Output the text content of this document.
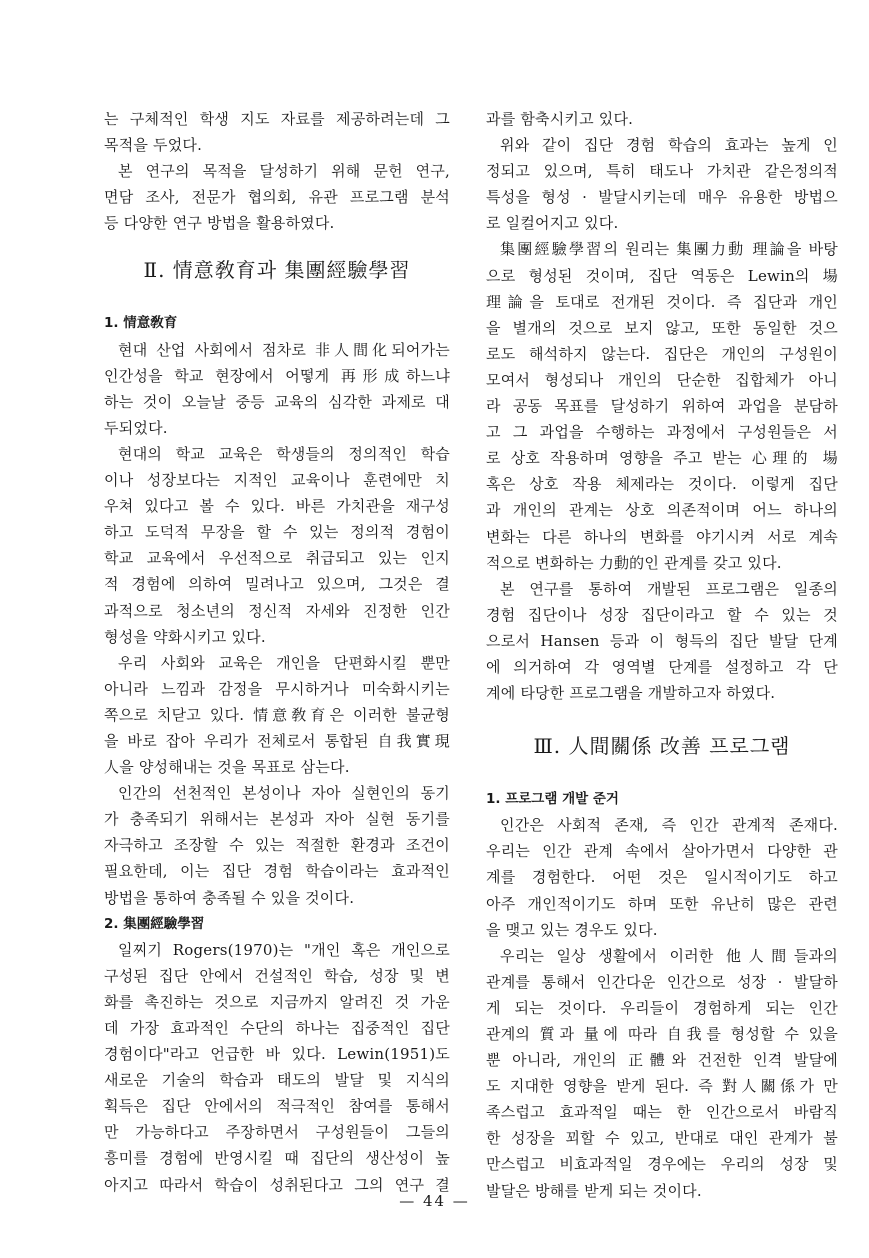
는 구체적인 학생 지도 자료를 제공하려는데 그
목적을 두었다.
본 연구의 목적을 달성하기 위해 문헌 연구,
면담 조사, 전문가 협의회, 유관 프로그램 분석
등 다양한 연구 방법을 활용하였다.
Ⅱ. 情意敎育과 集團經驗學習
1. 情意敎育
현대 산업 사회에서 점차로 非人間化되어가는
인간성을 학교 현장에서 어떻게 再形成하느냐
하는 것이 오늘날 중등 교육의 심각한 과제로 대
두되었다.
현대의 학교 교육은 학생들의 정의적인 학습
이나 성장보다는 지적인 교육이나 훈련에만 치
우쳐 있다고 볼 수 있다. 바른 가치관을 재구성
하고 도덕적 무장을 할 수 있는 정의적 경험이
학교 교육에서 우선적으로 취급되고 있는 인지
적 경험에 의하여 밀려나고 있으며, 그것은 결
과적으로 청소년의 정신적 자세와 진정한 인간
형성을 약화시키고 있다.
우리 사회와 교육은 개인을 단편화시킬 뿐만
아니라 느낌과 감정을 무시하거나 미숙화시키는
쪽으로 치닫고 있다. 情意敎育은 이러한 불균형
을 바로 잡아 우리가 전체로서 통합된 自我實現
人을 양성해내는 것을 목표로 삼는다.
인간의 선천적인 본성이나 자아 실현인의 동기
가 충족되기 위해서는 본성과 자아 실현 동기를
자극하고 조장할 수 있는 적절한 환경과 조건이
필요한데, 이는 집단 경험 학습이라는 효과적인
방법을 통하여 충족될 수 있을 것이다.
2. 集團經驗學習
일찌기 Rogers(1970)는 "개인 혹은 개인으로
구성된 집단 안에서 건설적인 학습, 성장 및 변
화를 촉진하는 것으로 지금까지 알려진 것 가운
데 가장 효과적인 수단의 하나는 집중적인 집단
경험이다"라고 언급한 바 있다. Lewin(1951)도
새로운 기술의 학습과 태도의 발달 및 지식의
획득은 집단 안에서의 적극적인 참여를 통해서
만 가능하다고 주장하면서 구성원들이 그들의
흥미를 경험에 반영시킬 때 집단의 생산성이 높
아지고 따라서 학습이 성취된다고 그의 연구 결
과를 함축시키고 있다.
위와 같이 집단 경험 학습의 효과는 높게 인
정되고 있으며, 특히 태도나 가치관 같은정의적
특성을 형성 · 발달시키는데 매우 유용한 방법으
로 일컬어지고 있다.
集團經驗學習의 원리는 集團力動 理論을 바탕
으로 형성된 것이며, 집단 역동은 Lewin의 場
理論을 토대로 전개된 것이다. 즉 집단과 개인
을 별개의 것으로 보지 않고, 또한 동일한 것으
로도 해석하지 않는다. 집단은 개인의 구성원이
모여서 형성되나 개인의 단순한 집합체가 아니
라 공동 목표를 달성하기 위하여 과업을 분담하
고 그 과업을 수행하는 과정에서 구성원들은 서
로 상호 작용하며 영향을 주고 받는 心理的 場
혹은 상호 작용 체제라는 것이다. 이렇게 집단
과 개인의 관계는 상호 의존적이며 어느 하나의
변화는 다른 하나의 변화를 야기시켜 서로 계속
적으로 변화하는 力動的인 관계를 갖고 있다.
본 연구를 통하여 개발된 프로그램은 일종의
경험 집단이나 성장 집단이라고 할 수 있는 것
으로서 Hansen 등과 이 형득의 집단 발달 단계
에 의거하여 각 영역별 단계를 설정하고 각 단
계에 타당한 프로그램을 개발하고자 하였다.
Ⅲ. 人間關係 改善 프로그램
1. 프로그램 개발 준거
인간은 사회적 존재, 즉 인간 관계적 존재다.
우리는 인간 관계 속에서 살아가면서 다양한 관
계를 경험한다. 어떤 것은 일시적이기도 하고
아주 개인적이기도 하며 또한 유난히 많은 관련
을 맺고 있는 경우도 있다.
우리는 일상 생활에서 이러한 他人間들과의
관계를 통해서 인간다운 인간으로 성장 · 발달하
게 되는 것이다. 우리들이 경험하게 되는 인간
관계의 質과 量에 따라 自我를 형성할 수 있을
뿐 아니라, 개인의 正體와 건전한 인격 발달에
도 지대한 영향을 받게 된다. 즉 對人關係가 만
족스럽고 효과적일 때는 한 인간으로서 바람직
한 성장을 꾀할 수 있고, 반대로 대인 관계가 불
만스럽고 비효과적일 경우에는 우리의 성장 및
발달은 방해를 받게 되는 것이다.
— 44 —
